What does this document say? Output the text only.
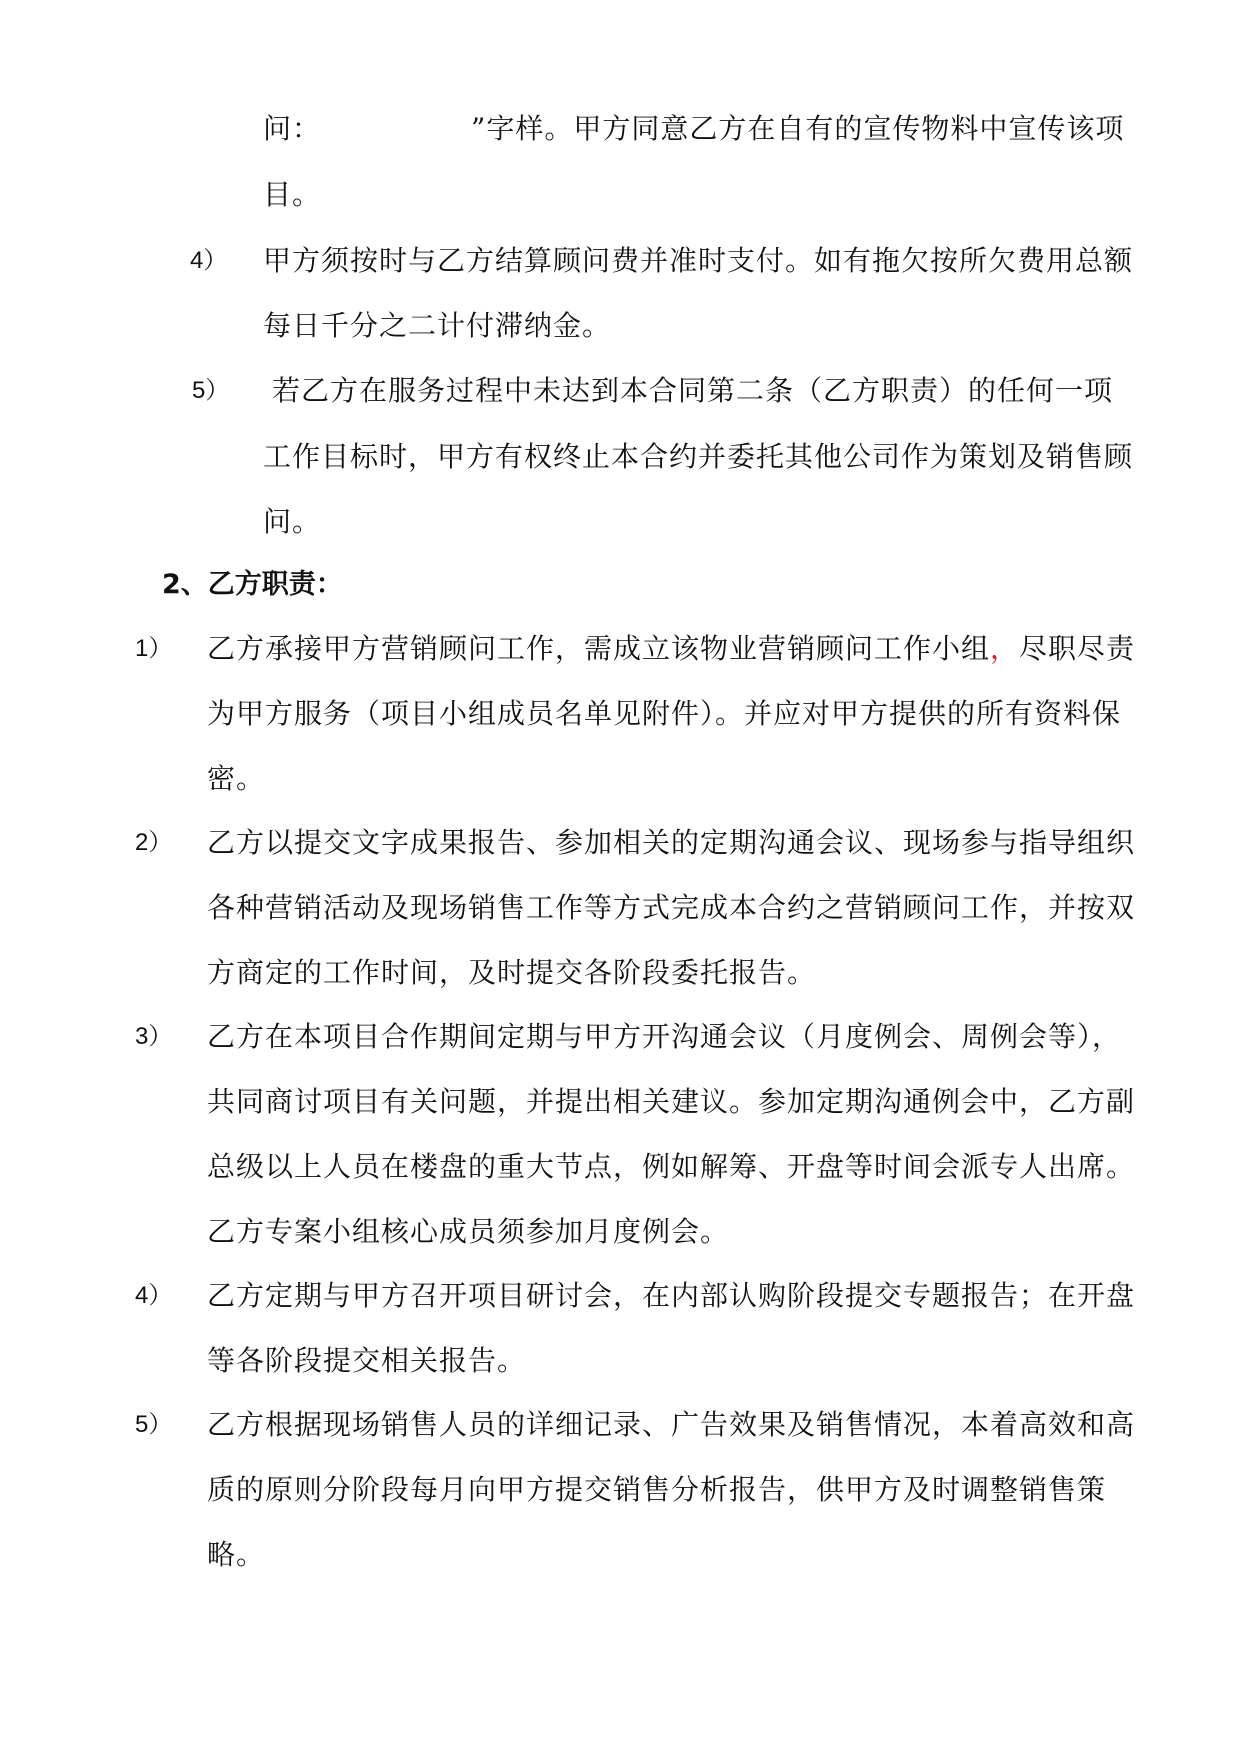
问：	”字样。甲方同意乙方在自有的宣传物料中宣传该项
目。
4） 甲方须按时与乙方结算顾问费并准时支付。如有拖欠按所欠费用总额
每日千分之二计付滞纳金。
5） 若乙方在服务过程中未达到本合同第二条（乙方职责）的任何一项
工作目标时，甲方有权终止本合约并委托其他公司作为策划及销售顾
问。
2、乙方职责：
1） 乙方承接甲方营销顾问工作，需成立该物业营销顾问工作小组，尽职尽责
为甲方服务（项目小组成员名单见附件）。并应对甲方提供的所有资料保
密。
2） 乙方以提交文字成果报告、参加相关的定期沟通会议、现场参与指导组织
各种营销活动及现场销售工作等方式完成本合约之营销顾问工作，并按双
方商定的工作时间，及时提交各阶段委托报告。
3） 乙方在本项目合作期间定期与甲方开沟通会议（月度例会、周例会等），
共同商讨项目有关问题，并提出相关建议。参加定期沟通例会中，乙方副
总级以上人员在楼盘的重大节点，例如解筹、开盘等时间会派专人出席。
乙方专案小组核心成员须参加月度例会。
4） 乙方定期与甲方召开项目研讨会，在内部认购阶段提交专题报告；在开盘
等各阶段提交相关报告。
5） 乙方根据现场销售人员的详细记录、广告效果及销售情况，本着高效和高
质的原则分阶段每月向甲方提交销售分析报告，供甲方及时调整销售策
略。
